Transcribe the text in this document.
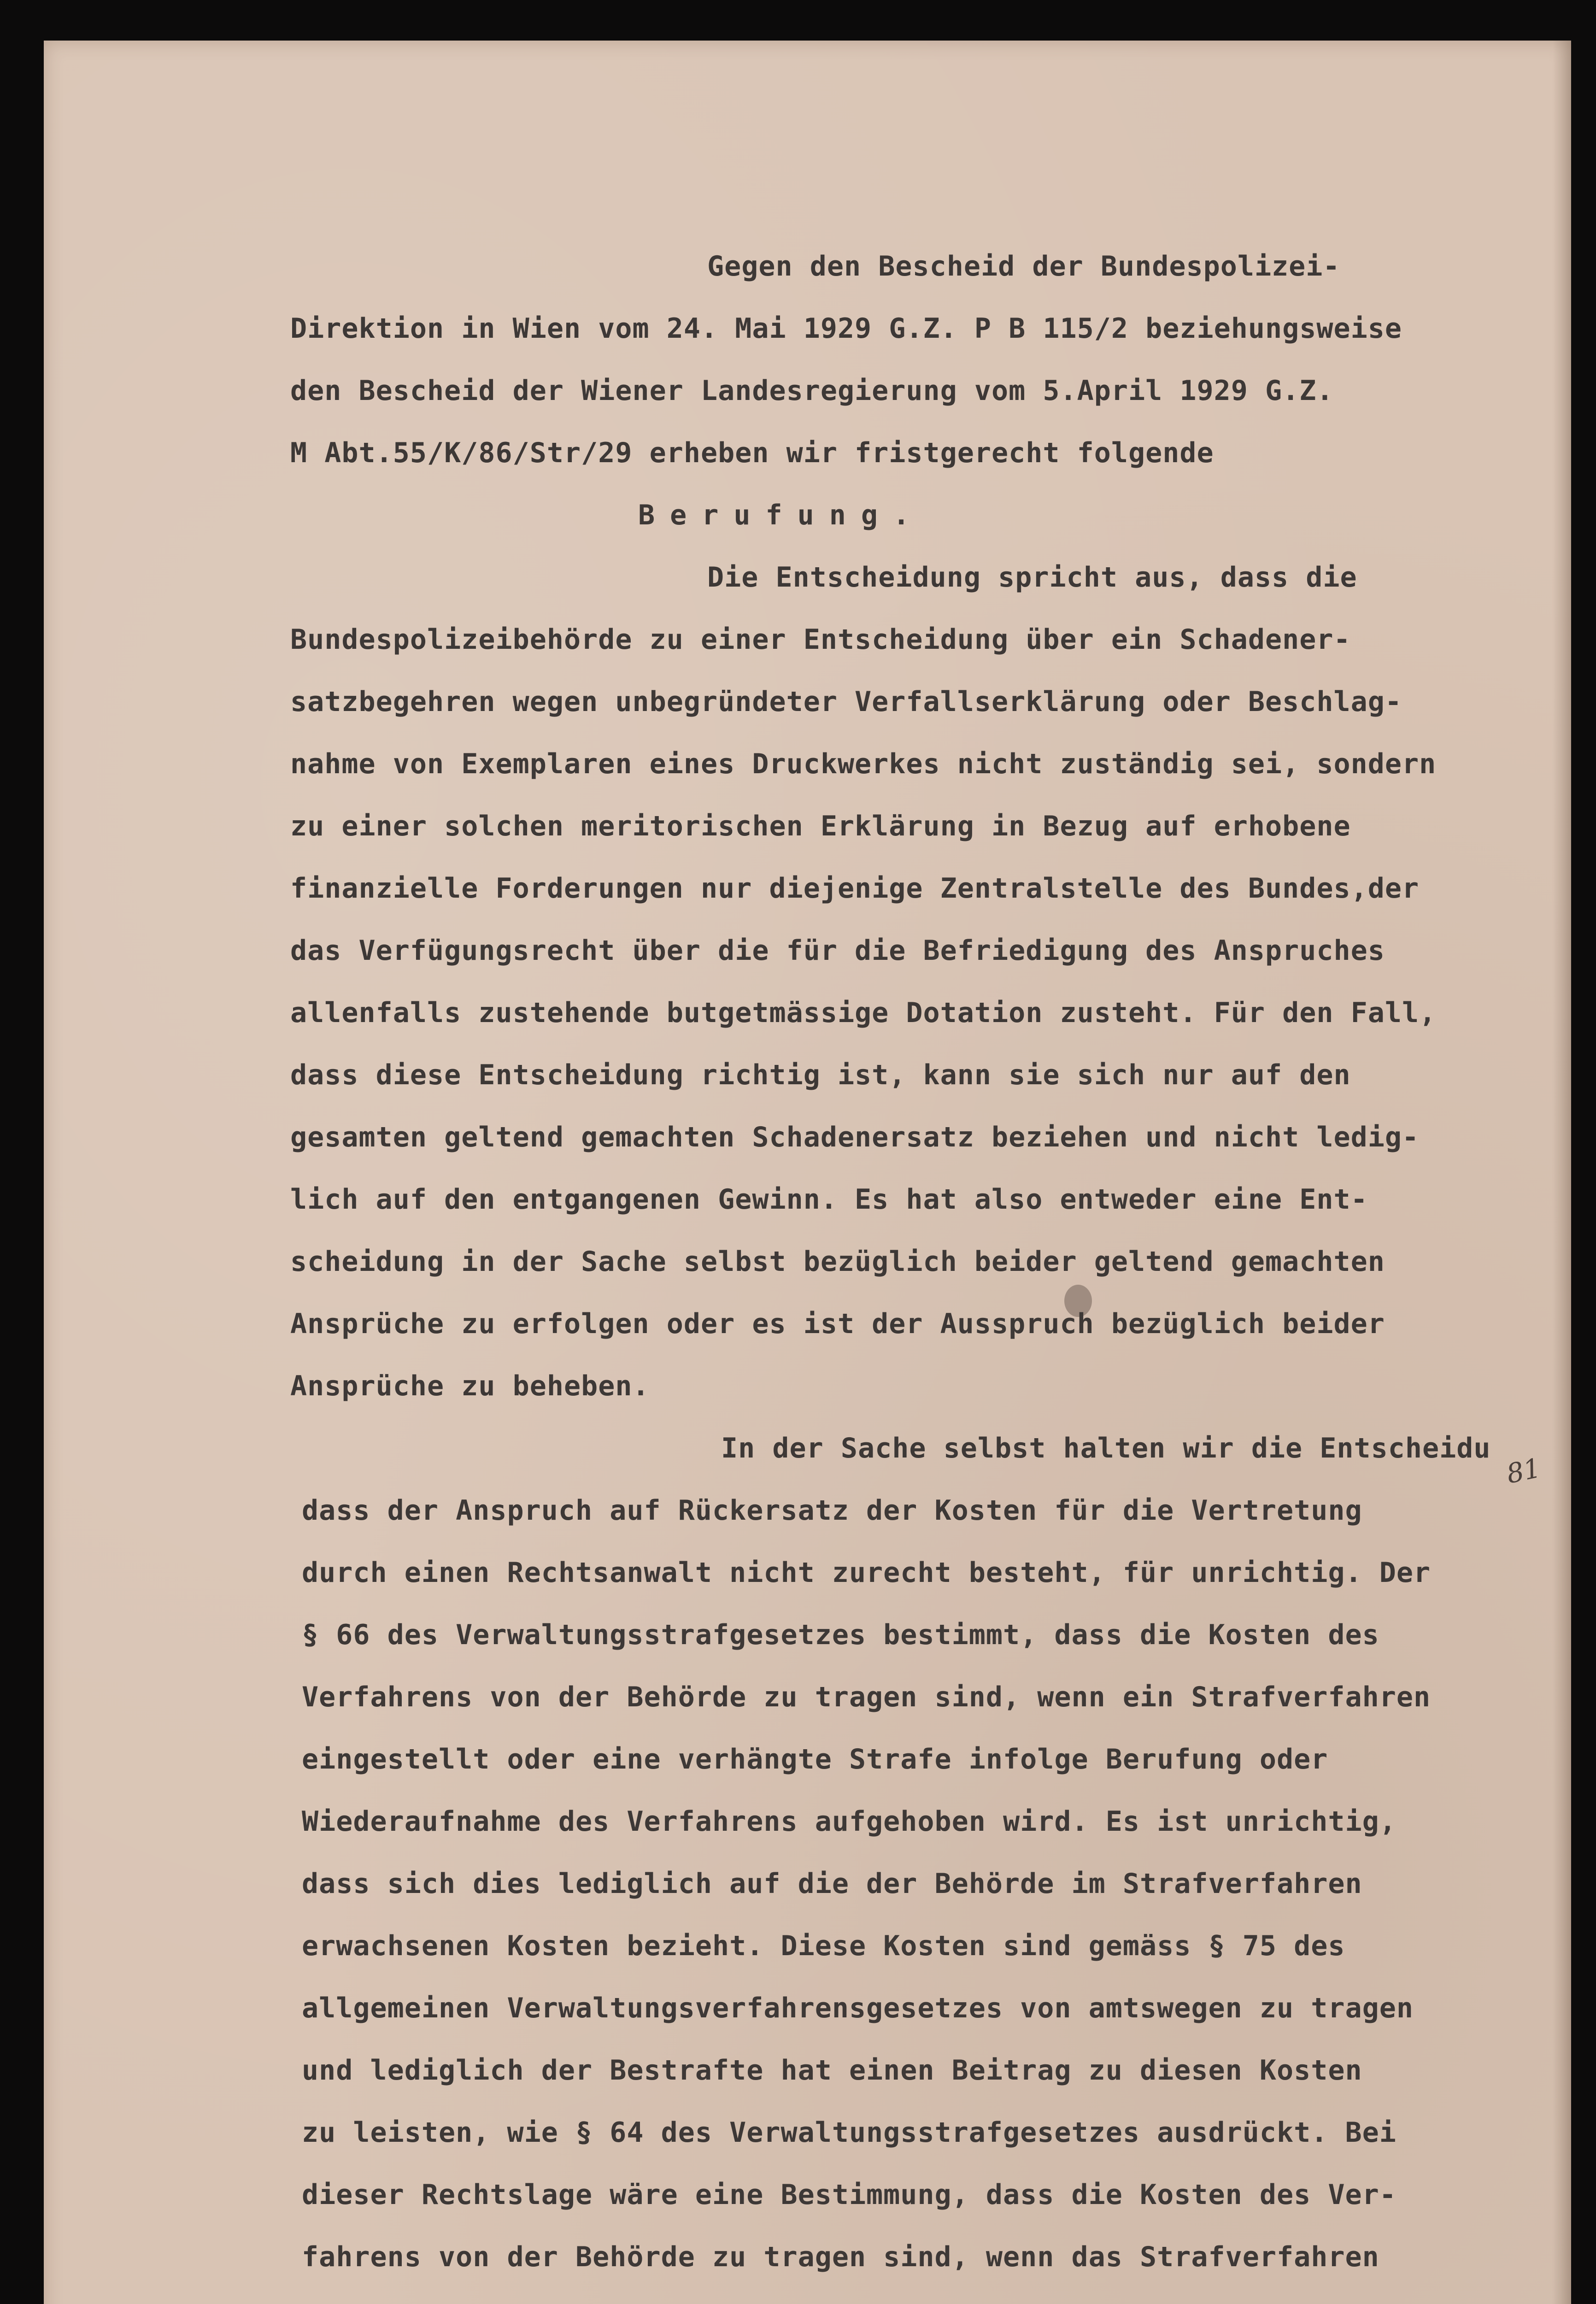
Gegen den Bescheid der Bundespolizei-

Direktion in Wien vom 24. Mai 1929 G.Z. P B 115/2 beziehungsweise

den Bescheid der Wiener Landesregierung vom 5.April 1929 G.Z.

M Abt.55/K/86/Str/29 erheben wir fristgerecht folgende

Berufung.

Die Entscheidung spricht aus, dass die

Bundespolizeibehörde zu einer Entscheidung über ein Schadener-

satzbegehren wegen unbegründeter Verfallserklärung oder Beschlag-

nahme von Exemplaren eines Druckwerkes nicht zuständig sei, sondern

zu einer solchen meritorischen Erklärung in Bezug auf erhobene

finanzielle Forderungen nur diejenige Zentralstelle des Bundes,der

das Verfügungsrecht über die für die Befriedigung des Anspruches

allenfalls zustehende butgetmässige Dotation zusteht. Für den Fall,

dass diese Entscheidung richtig ist, kann sie sich nur auf den

gesamten geltend gemachten Schadenersatz beziehen und nicht ledig-

lich auf den entgangenen Gewinn. Es hat also entweder eine Ent-

scheidung in der Sache selbst bezüglich beider geltend gemachten

Ansprüche zu erfolgen oder es ist der Ausspruch bezüglich beider

Ansprüche zu beheben.

In der Sache selbst halten wir die Entscheidu

dass der Anspruch auf Rückersatz der Kosten für die Vertretung

durch einen Rechtsanwalt nicht zurecht besteht, für unrichtig. Der

§ 66 des Verwaltungsstrafgesetzes bestimmt, dass die Kosten des

Verfahrens von der Behörde zu tragen sind, wenn ein Strafverfahren

eingestellt oder eine verhängte Strafe infolge Berufung oder

Wiederaufnahme des Verfahrens aufgehoben wird. Es ist unrichtig,

dass sich dies lediglich auf die der Behörde im Strafverfahren

erwachsenen Kosten bezieht. Diese Kosten sind gemäss § 75 des

allgemeinen Verwaltungsverfahrensgesetzes von amtswegen zu tragen

und lediglich der Bestrafte hat einen Beitrag zu diesen Kosten

zu leisten, wie § 64 des Verwaltungsstrafgesetzes ausdrückt. Bei

dieser Rechtslage wäre eine Bestimmung, dass die Kosten des Ver-

fahrens von der Behörde zu tragen sind, wenn das Strafverfahren

81
